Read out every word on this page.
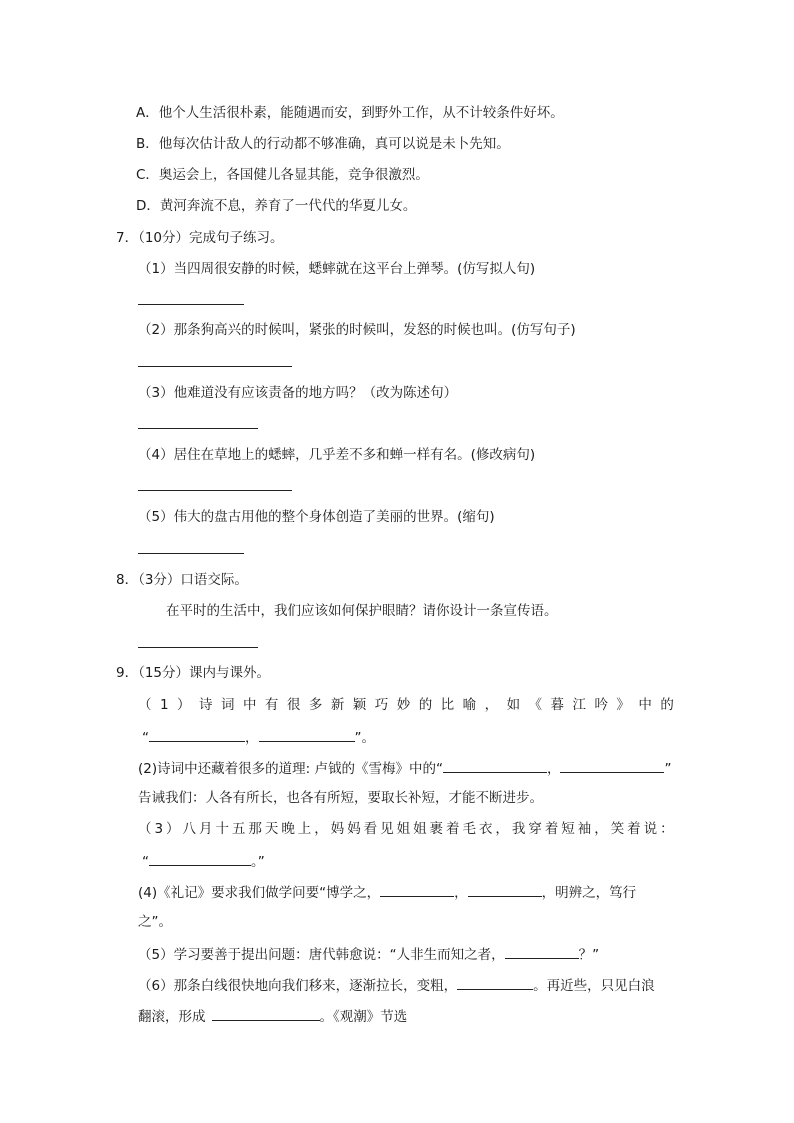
A．他个人生活很朴素，能随遇而安，到野外工作，从不计较条件好坏。
B．他每次估计敌人的行动都不够准确，真可以说是未卜先知。
C．奥运会上，各国健儿各显其能，竞争很激烈。
D．黄河奔流不息，养育了一代代的华夏儿女。
7．（10分）完成句子练习。
（1）当四周很安静的时候，蟋蟀就在这平台上弹琴。(仿写拟人句)
（2）那条狗高兴的时候叫，紧张的时候叫，发怒的时候也叫。(仿写句子)
（3）他难道没有应该责备的地方吗？（改为陈述句）
（4）居住在草地上的蟋蟀，几乎差不多和蝉一样有名。(修改病句)
（5）伟大的盘古用他的整个身体创造了美丽的世界。(缩句)
8．（3分）口语交际。
在平时的生活中，我们应该如何保护眼睛？请你设计一条宣传语。
9．（15分）课内与课外。
（ 1 ） 诗 词 中 有 很 多 新 颖 巧 妙 的 比 喻 ， 如 《 暮 江 吟 》 中 的
“	，	”。
(2)诗词中还藏着很多的道理: 卢钺的《雪梅》中的“	，	”
告诫我们：人各有所长，也各有所短，要取长补短，才能不断进步。
（ 3 ） 八 月 十 五 那 天 晚 上 ， 妈 妈 看 见 姐 姐 裹 着 毛 衣 ， 我 穿 着 短 袖 ， 笑 着 说 ：
“	。”
(4)《礼记》要求我们做学问要“博学之，	，	，明辨之，笃行
之”。
（5）学习要善于提出问题：唐代韩愈说：“人非生而知之者，	？”
（6）那条白线很快地向我们移来，逐渐拉长，变粗，	。再近些，只见白浪
翻滚，形成	。《观潮》节选
